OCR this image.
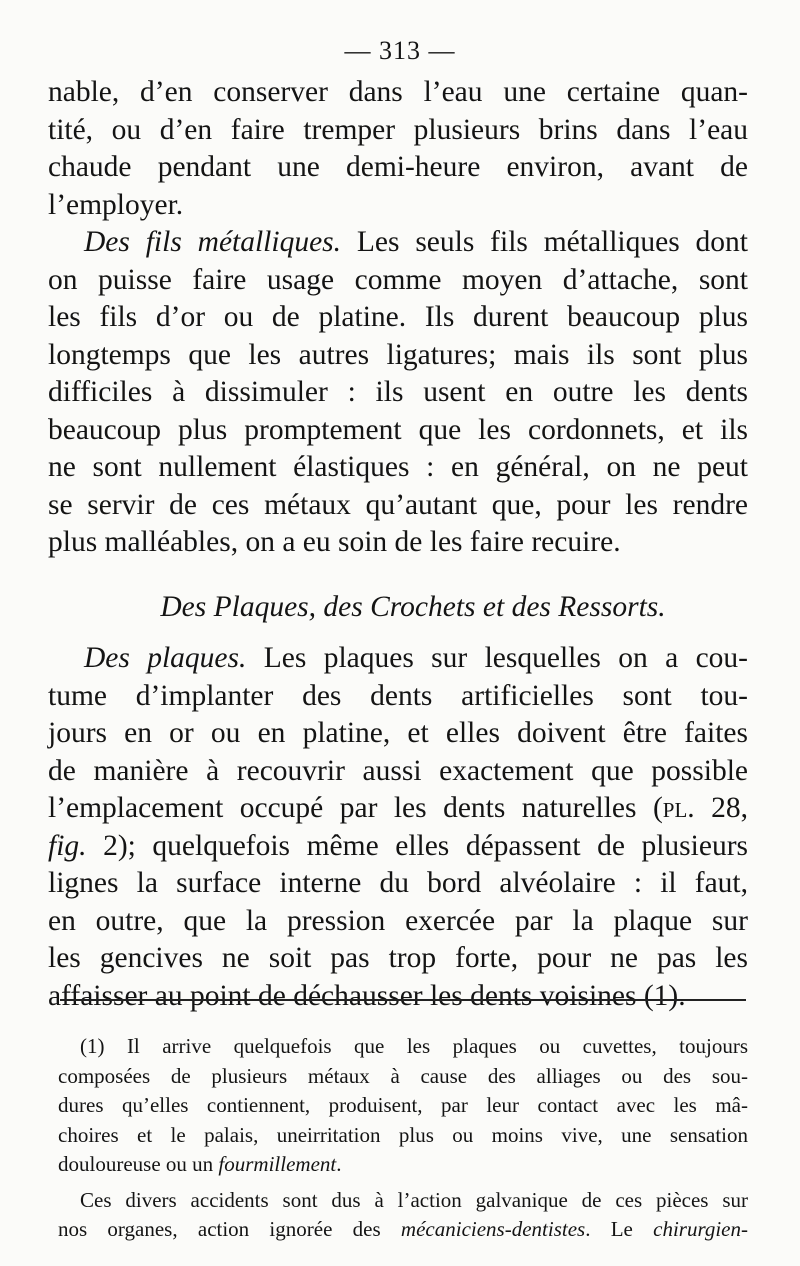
— 313 —
nable, d’en conserver dans l’eau une certaine quan-
tité, ou d’en faire tremper plusieurs brins dans l’eau
chaude pendant une demi-heure environ, avant de
l’employer.
Des fils métalliques. Les seuls fils métalliques dont
on puisse faire usage comme moyen d’attache, sont
les fils d’or ou de platine. Ils durent beaucoup plus
longtemps que les autres ligatures; mais ils sont plus
difficiles à dissimuler : ils usent en outre les dents
beaucoup plus promptement que les cordonnets, et ils
ne sont nullement élastiques : en général, on ne peut
se servir de ces métaux qu’autant que, pour les rendre
plus malléables, on a eu soin de les faire recuire.
Des Plaques, des Crochets et des Ressorts.
Des plaques. Les plaques sur lesquelles on a cou-
tume d’implanter des dents artificielles sont tou-
jours en or ou en platine, et elles doivent être faites
de manière à recouvrir aussi exactement que possible
l’emplacement occupé par les dents naturelles (pl. 28,
fig. 2); quelquefois même elles dépassent de plusieurs
lignes la surface interne du bord alvéolaire : il faut,
en outre, que la pression exercée par la plaque sur
les gencives ne soit pas trop forte, pour ne pas les
affaisser au point de déchausser les dents voisines (1).
(1) Il arrive quelquefois que les plaques ou cuvettes, toujours
composées de plusieurs métaux à cause des alliages ou des sou-
dures qu’elles contiennent, produisent, par leur contact avec les mâ-
choires et le palais, uneirritation plus ou moins vive, une sensation
douloureuse ou un fourmillement.
Ces divers accidents sont dus à l’action galvanique de ces pièces sur
nos organes, action ignorée des mécaniciens-dentistes. Le chirurgien-
